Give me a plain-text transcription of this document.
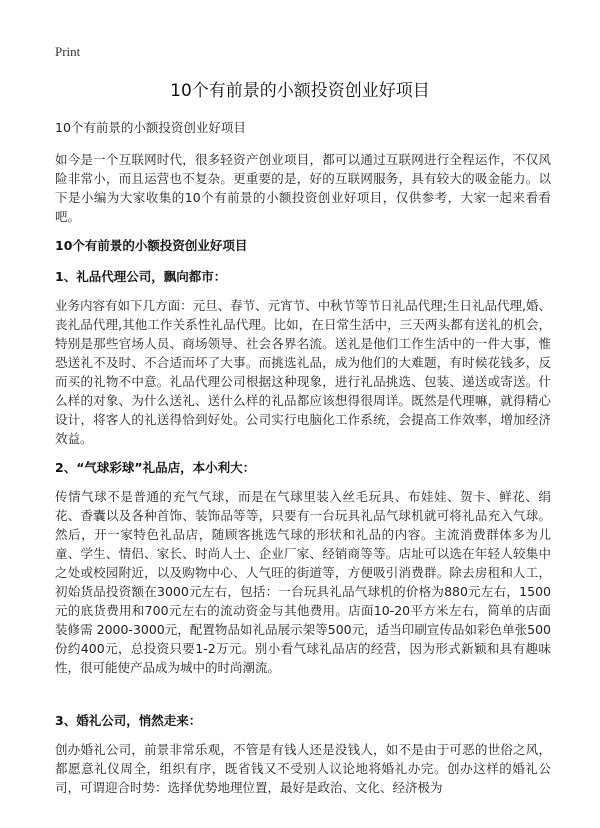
Print
10个有前景的小额投资创业好项目
10个有前景的小额投资创业好项目
如今是一个互联网时代，很多轻资产创业项目，都可以通过互联网进行全程运作，不仅风险非常小，而且运营也不复杂。更重要的是，好的互联网服务，具有较大的吸金能力。以下是小编为大家收集的10个有前景的小额投资创业好项目，仅供参考，大家一起来看看吧。
10个有前景的小额投资创业好项目
1、礼品代理公司，飘向都市：
业务内容有如下几方面：元旦、春节、元宵节、中秋节等节日礼品代理;生日礼品代理,婚、丧礼品代理,其他工作关系性礼品代理。比如，在日常生活中，三天两头都有送礼的机会，特别是那些官场人员、商场领导、社会各界名流。送礼是他们工作生活中的一件大事，惟恐送礼不及时、不合适而坏了大事。而挑选礼品，成为他们的大难题，有时候花钱多，反而买的礼物不中意。礼品代理公司根据这种现象，进行礼品挑选、包装、递送或寄送。什么样的对象、为什么送礼、送什么样的礼品都应该想得很周详。既然是代理嘛，就得精心设计，将客人的礼送得恰到好处。公司实行电脑化工作系统，会提高工作效率，增加经济效益。
2、“气球彩球”礼品店，本小利大：
传情气球不是普通的充气气球，而是在气球里装入丝毛玩具、布娃娃、贺卡、鲜花、绢花、香囊以及各种首饰、装饰品等等，只要有一台玩具礼品气球机就可将礼品充入气球。然后，开一家特色礼品店，随顾客挑选气球的形状和礼品的内容。主流消费群体多为儿童、学生、情侣、家长、时尚人士、企业厂家、经销商等等。店址可以选在年轻人较集中之处或校园附近，以及购物中心、人气旺的街道等，方便吸引消费群。除去房租和人工，初始货品投资额在3000元左右，包括：一台玩具礼品气球机的价格为880元左右，1500元的底货费用和700元左右的流动资金与其他费用。店面10-20平方米左右，简单的店面装修需 2000-3000元，配置物品如礼品展示架等500元，适当印刷宣传品如彩色单张500份约400元，总投资只要1-2万元。别小看气球礼品店的经营，因为形式新颖和具有趣味性，很可能使产品成为城中的时尚潮流。
3、婚礼公司，悄然走来：
创办婚礼公司，前景非常乐观，不管是有钱人还是没钱人，如不是由于可恶的世俗之风，都愿意礼仪周全，组织有序，既省钱又不受别人议论地将婚礼办完。创办这样的婚礼公司，可谓迎合时势：选择优势地理位置，最好是政治、文化、经济极为
